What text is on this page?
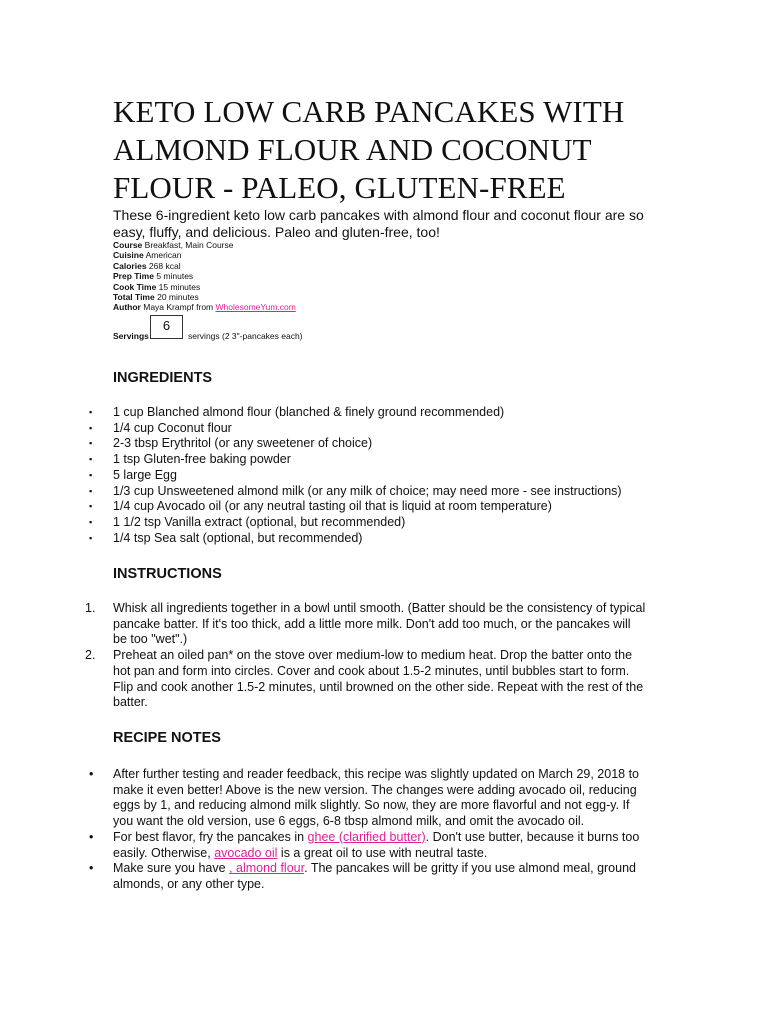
KETO LOW CARB PANCAKES WITH ALMOND FLOUR AND COCONUT FLOUR - PALEO, GLUTEN-FREE
These 6-ingredient keto low carb pancakes with almond flour and coconut flour are so easy, fluffy, and delicious. Paleo and gluten-free, too!
Course Breakfast, Main Course
Cuisine American
Calories 268 kcal
Prep Time 5 minutes
Cook Time 15 minutes
Total Time 20 minutes
Author Maya Krampf from WholesomeYum.com
Servings
6
servings (2 3"-pancakes each)
INGREDIENTS
▪ 1 cup Blanched almond flour (blanched & finely ground recommended)
▪ 1/4 cup Coconut flour
▪ 2-3 tbsp Erythritol (or any sweetener of choice)
▪ 1 tsp Gluten-free baking powder
▪ 5 large Egg
▪ 1/3 cup Unsweetened almond milk (or any milk of choice; may need more - see instructions)
▪ 1/4 cup Avocado oil (or any neutral tasting oil that is liquid at room temperature)
▪ 1 1/2 tsp Vanilla extract (optional, but recommended)
▪ 1/4 tsp Sea salt (optional, but recommended)
INSTRUCTIONS
1. Whisk all ingredients together in a bowl until smooth. (Batter should be the consistency of typical pancake batter. If it's too thick, add a little more milk. Don't add too much, or the pancakes will be too "wet".)
2. Preheat an oiled pan* on the stove over medium-low to medium heat. Drop the batter onto the hot pan and form into circles. Cover and cook about 1.5-2 minutes, until bubbles start to form. Flip and cook another 1.5-2 minutes, until browned on the other side. Repeat with the rest of the batter.
RECIPE NOTES
• After further testing and reader feedback, this recipe was slightly updated on March 29, 2018 to make it even better! Above is the new version. The changes were adding avocado oil, reducing eggs by 1, and reducing almond milk slightly. So now, they are more flavorful and not egg-y. If you want the old version, use 6 eggs, 6-8 tbsp almond milk, and omit the avocado oil.
• For best flavor, fry the pancakes in ghee (clarified butter). Don't use butter, because it burns too easily. Otherwise, avocado oil is a great oil to use with neutral taste.
• Make sure you have , almond flour. The pancakes will be gritty if you use almond meal, ground almonds, or any other type.
